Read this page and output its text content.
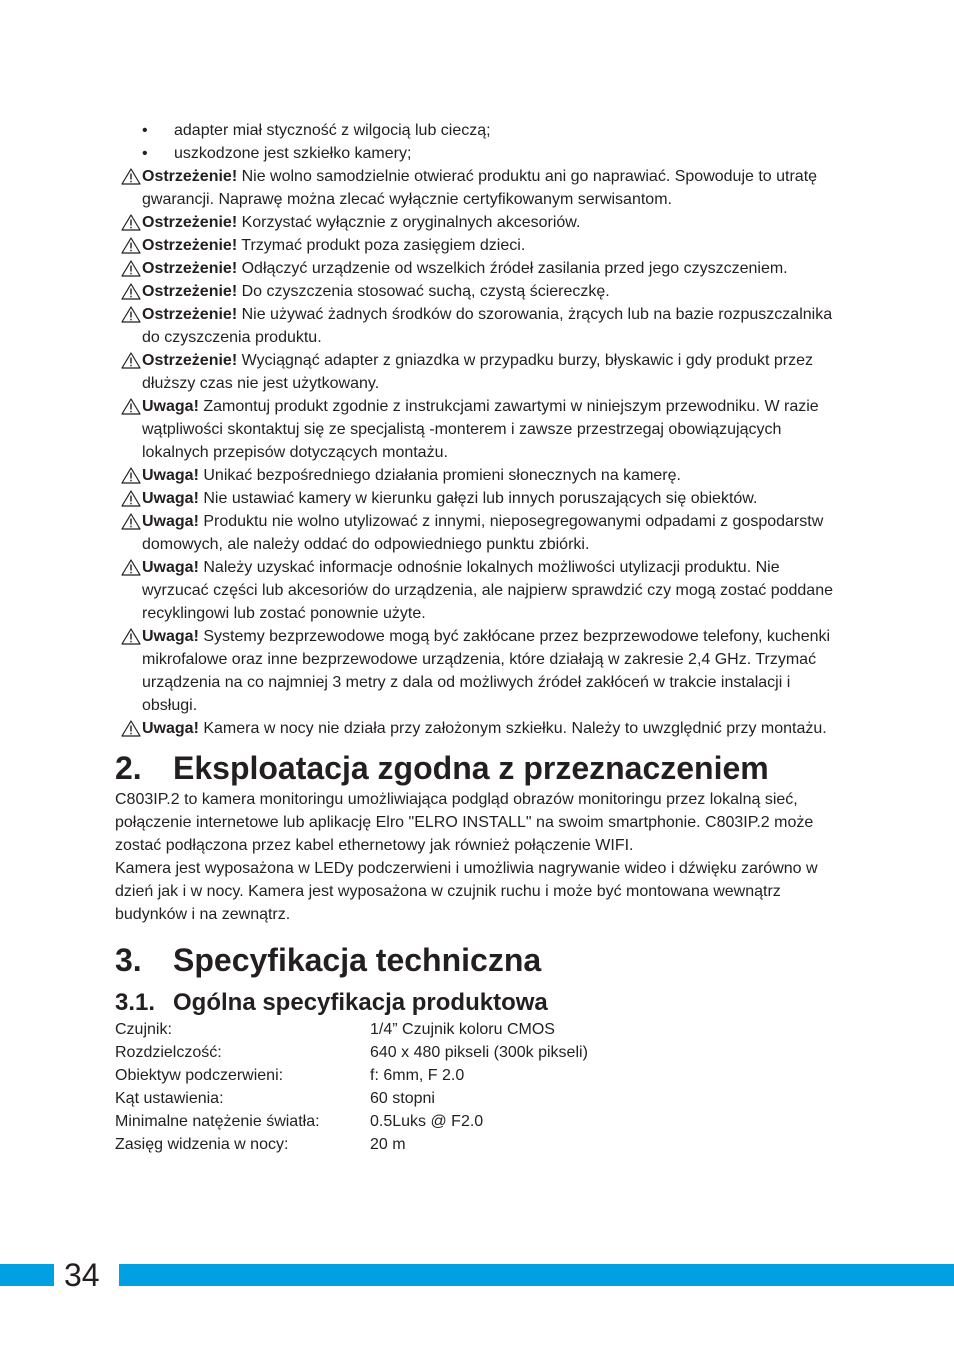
• adapter miał styczność z wilgocią lub cieczą;
• uszkodzone jest szkiełko kamery;
Ostrzeżenie! Nie wolno samodzielnie otwierać produktu ani go naprawiać. Spowoduje to utratę gwarancji. Naprawę można zlecać wyłącznie certyfikowanym serwisantom.
Ostrzeżenie! Korzystać wyłącznie z oryginalnych akcesoriów.
Ostrzeżenie! Trzymać produkt poza zasięgiem dzieci.
Ostrzeżenie! Odłączyć urządzenie od wszelkich źródeł zasilania przed jego czyszczeniem.
Ostrzeżenie! Do czyszczenia stosować suchą, czystą ściereczkę.
Ostrzeżenie! Nie używać żadnych środków do szorowania, żrących lub na bazie rozpuszczalnika do czyszczenia produktu.
Ostrzeżenie! Wyciągnąć adapter z gniazdka w przypadku burzy, błyskawic i gdy produkt przez dłuższy czas nie jest użytkowany.
Uwaga! Zamontuj produkt zgodnie z instrukcjami zawartymi w niniejszym przewodniku. W razie wątpliwości skontaktuj się ze specjalistą -monterem i zawsze przestrzegaj obowiązujących lokalnych przepisów dotyczących montażu.
Uwaga! Unikać bezpośredniego działania promieni słonecznych na kamerę.
Uwaga! Nie ustawiać kamery w kierunku gałęzi lub innych poruszających się obiektów.
Uwaga! Produktu nie wolno utylizować z innymi, nieposegregowanymi odpadami z gospodarstw domowych, ale należy oddać do odpowiedniego punktu zbiórki.
Uwaga! Należy uzyskać informacje odnośnie lokalnych możliwości utylizacji produktu. Nie wyrzucać części lub akcesoriów do urządzenia, ale najpierw sprawdzić czy mogą zostać poddane recyklingowi lub zostać ponownie użyte.
Uwaga! Systemy bezprzewodowe mogą być zakłócane przez bezprzewodowe telefony, kuchenki mikrofalowe oraz inne bezprzewodowe urządzenia, które działają w zakresie 2,4 GHz. Trzymać urządzenia na co najmniej 3 metry z dala od możliwych źródeł zakłóceń w trakcie instalacji i obsługi.
Uwaga! Kamera w nocy nie działa przy założonym szkiełku. Należy to uwzględnić przy montażu.
2. Eksploatacja zgodna z przeznaczeniem

C803IP.2 to kamera monitoringu umożliwiająca podgląd obrazów monitoringu przez lokalną sieć, połączenie internetowe lub aplikację Elro "ELRO INSTALL" na swoim smartphonie. C803IP.2 może zostać podłączona przez kabel ethernetowy jak również połączenie WIFI.

Kamera jest wyposażona w LEDy podczerwieni i umożliwia nagrywanie wideo i dźwięku zarówno w dzień jak i w nocy. Kamera jest wyposażona w czujnik ruchu i może być montowana wewnątrz budynków i na zewnątrz.

3. Specyfikacja techniczna
3.1. Ogólna specyfikacja produktowa
Czujnik:	1/4” Czujnik koloru CMOS
Rozdzielczość:	640 x 480 pikseli (300k pikseli)
Obiektyw podczerwieni:	f: 6mm, F 2.0
Kąt ustawienia:	60 stopni
Minimalne natężenie światła:	0.5Luks @ F2.0
Zasięg widzenia w nocy:	20 m
34
